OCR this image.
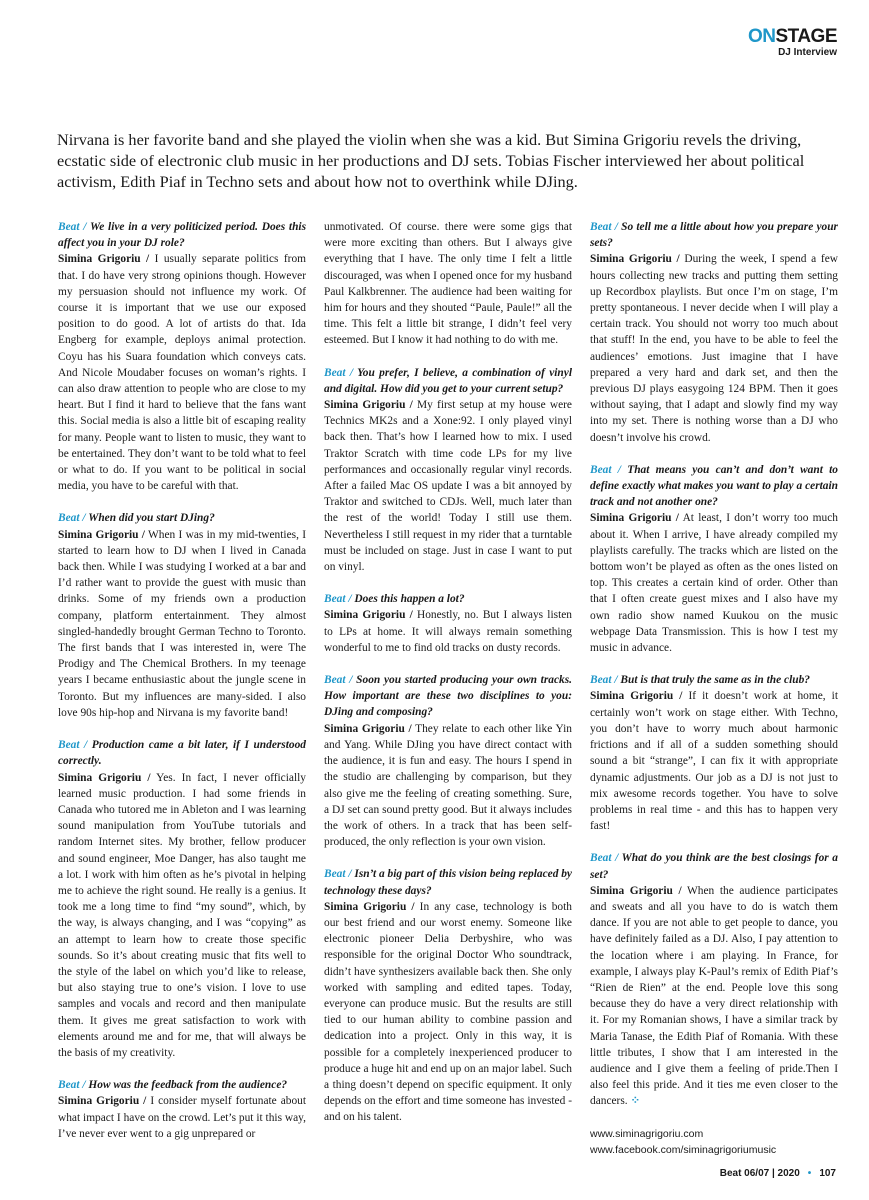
ONSTAGE
DJ Interview
Nirvana is her favorite band and she played the violin when she was a kid. But Simina Grigoriu revels the driving, ecstatic side of electronic club music in her productions and DJ sets. Tobias Fischer interviewed her about political activism, Edith Piaf in Techno sets and about how not to overthink while DJing.

Beat / We live in a very politicized period. Does this affect you in your DJ role?

Simina Grigoriu / I usually separate politics from that. I do have very strong opinions though. However my persuasion should not influence my work. Of course it is important that we use our exposed position to do good. A lot of artists do that. Ida Engberg for example, deploys animal protection. Coyu has his Suara foundation which conveys cats. And Nicole Moudaber focuses on woman’s rights. I can also draw attention to people who are close to my heart. But I find it hard to believe that the fans want this. Social media is also a little bit of escaping reality for many. People want to listen to music, they want to be entertained. They don’t want to be told what to feel or what to do. If you want to be political in social media, you have to be careful with that.

Beat / When did you start DJing?

Simina Grigoriu / When I was in my mid-twenties, I started to learn how to DJ when I lived in Canada back then. While I was studying I worked at a bar and I’d rather want to provide the guest with music than drinks. Some of my friends own a production company, platform entertainment. They almost singled-handedly brought German Techno to Toronto. The first bands that I was interested in, were The Prodigy and The Chemical Brothers. In my teenage years I became enthusiastic about the jungle scene in Toronto. But my influences are many-sided. I also love 90s hip-hop and Nirvana is my favorite band!

Beat / Production came a bit later, if I understood correctly.

Simina Grigoriu / Yes. In fact, I never officially learned music production. I had some friends in Canada who tutored me in Ableton and I was learning sound manipulation from YouTube tutorials and random Internet sites. My brother, fellow producer and sound engineer, Moe Danger, has also taught me a lot. I work with him often as he’s pivotal in helping me to achieve the right sound. He really is a genius. It took me a long time to find “my sound”, which, by the way, is always changing, and I was “copying” as an attempt to learn how to create those specific sounds. So it’s about creating music that fits well to the style of the label on which you’d like to release, but also staying true to one’s vision. I love to use samples and vocals and record and then manipulate them. It gives me great satisfaction to work with elements around me and for me, that will always be the basis of my creativity.

Beat / How was the feedback from the audience?

Simina Grigoriu / I consider myself fortunate about what impact I have on the crowd. Let’s put it this way, I’ve never ever went to a gig unprepared or

unmotivated. Of course. there were some gigs that were more exciting than others. But I always give everything that I have. The only time I felt a little discouraged, was when I opened once for my husband Paul Kalkbrenner. The audience had been waiting for him for hours and they shouted “Paule, Paule!” all the time. This felt a little bit strange, I didn’t feel very esteemed. But I know it had nothing to do with me.

Beat / You prefer, I believe, a combination of vinyl and digital. How did you get to your current setup?

Simina Grigoriu / My first setup at my house were Technics MK2s and a Xone:92. I only played vinyl back then. That’s how I learned how to mix. I used Traktor Scratch with time code LPs for my live performances and occasionally regular vinyl records. After a failed Mac OS update I was a bit annoyed by Traktor and switched to CDJs. Well, much later than the rest of the world! Today I still use them. Nevertheless I still request in my rider that a turntable must be included on stage. Just in case I want to put on vinyl.

Beat / Does this happen a lot?

Simina Grigoriu / Honestly, no. But I always listen to LPs at home. It will always remain something wonderful to me to find old tracks on dusty records.

Beat / Soon you started producing your own tracks. How important are these two disciplines to you: DJing and composing?

Simina Grigoriu / They relate to each other like Yin and Yang. While DJing you have direct contact with the audience, it is fun and easy. The hours I spend in the studio are challenging by comparison, but they also give me the feeling of creating something. Sure, a DJ set can sound pretty good. But it always includes the work of others. In a track that has been self-produced, the only reflection is your own vision.

Beat / Isn’t a big part of this vision being replaced by technology these days?

Simina Grigoriu / In any case, technology is both our best friend and our worst enemy. Someone like electronic pioneer Delia Derbyshire, who was responsible for the original Doctor Who soundtrack, didn’t have synthesizers available back then. She only worked with sampling and edited tapes. Today, everyone can produce music. But the results are still tied to our human ability to combine passion and dedication into a project. Only in this way, it is possible for a completely inexperienced producer to produce a huge hit and end up on an major label. Such a thing doesn’t depend on specific equipment. It only depends on the effort and time someone has invested - and on his talent.

Beat / So tell me a little about how you prepare your sets?

Simina Grigoriu / During the week, I spend a few hours collecting new tracks and putting them setting up Recordbox playlists. But once I’m on stage, I’m pretty spontaneous. I never decide when I will play a certain track. You should not worry too much about that stuff! In the end, you have to be able to feel the audiences’ emotions. Just imagine that I have prepared a very hard and dark set, and then the previous DJ plays easygoing 124 BPM. Then it goes without saying, that I adapt and slowly find my way into my set. There is nothing worse than a DJ who doesn’t involve his crowd.

Beat / That means you can’t and don’t want to define exactly what makes you want to play a certain track and not another one?

Simina Grigoriu / At least, I don’t worry too much about it. When I arrive, I have already compiled my playlists carefully. The tracks which are listed on the bottom won’t be played as often as the ones listed on top. This creates a certain kind of order. Other than that I often create guest mixes and I also have my own radio show named Kuukou on the music webpage Data Transmission. This is how I test my music in advance.

Beat / But is that truly the same as in the club?

Simina Grigoriu / If it doesn’t work at home, it certainly won’t work on stage either. With Techno, you don’t have to worry much about harmonic frictions and if all of a sudden something should sound a bit “strange”, I can fix it with appropriate dynamic adjustments. Our job as a DJ is not just to mix awesome records together. You have to solve problems in real time - and this has to happen very fast!

Beat / What do you think are the best closings for a set?

Simina Grigoriu / When the audience participates and sweats and all you have to do is watch them dance. If you are not able to get people to dance, you have definitely failed as a DJ. Also, I pay attention to the location where i am playing. In France, for example, I always play K-Paul’s remix of Edith Piaf’s “Rien de Rien” at the end. People love this song because they do have a very direct relationship with it. For my Romanian shows, I have a similar track by Maria Tanase, the Edith Piaf of Romania. With these little tributes, I show that I am interested in the audience and I give them a feeling of pride.Then I also feel this pride. And it ties me even closer to the dancers. ⁘

www.siminagrigoriu.com
www.facebook.com/siminagrigoriumusic
Beat 06/07 | 2020 • 107
